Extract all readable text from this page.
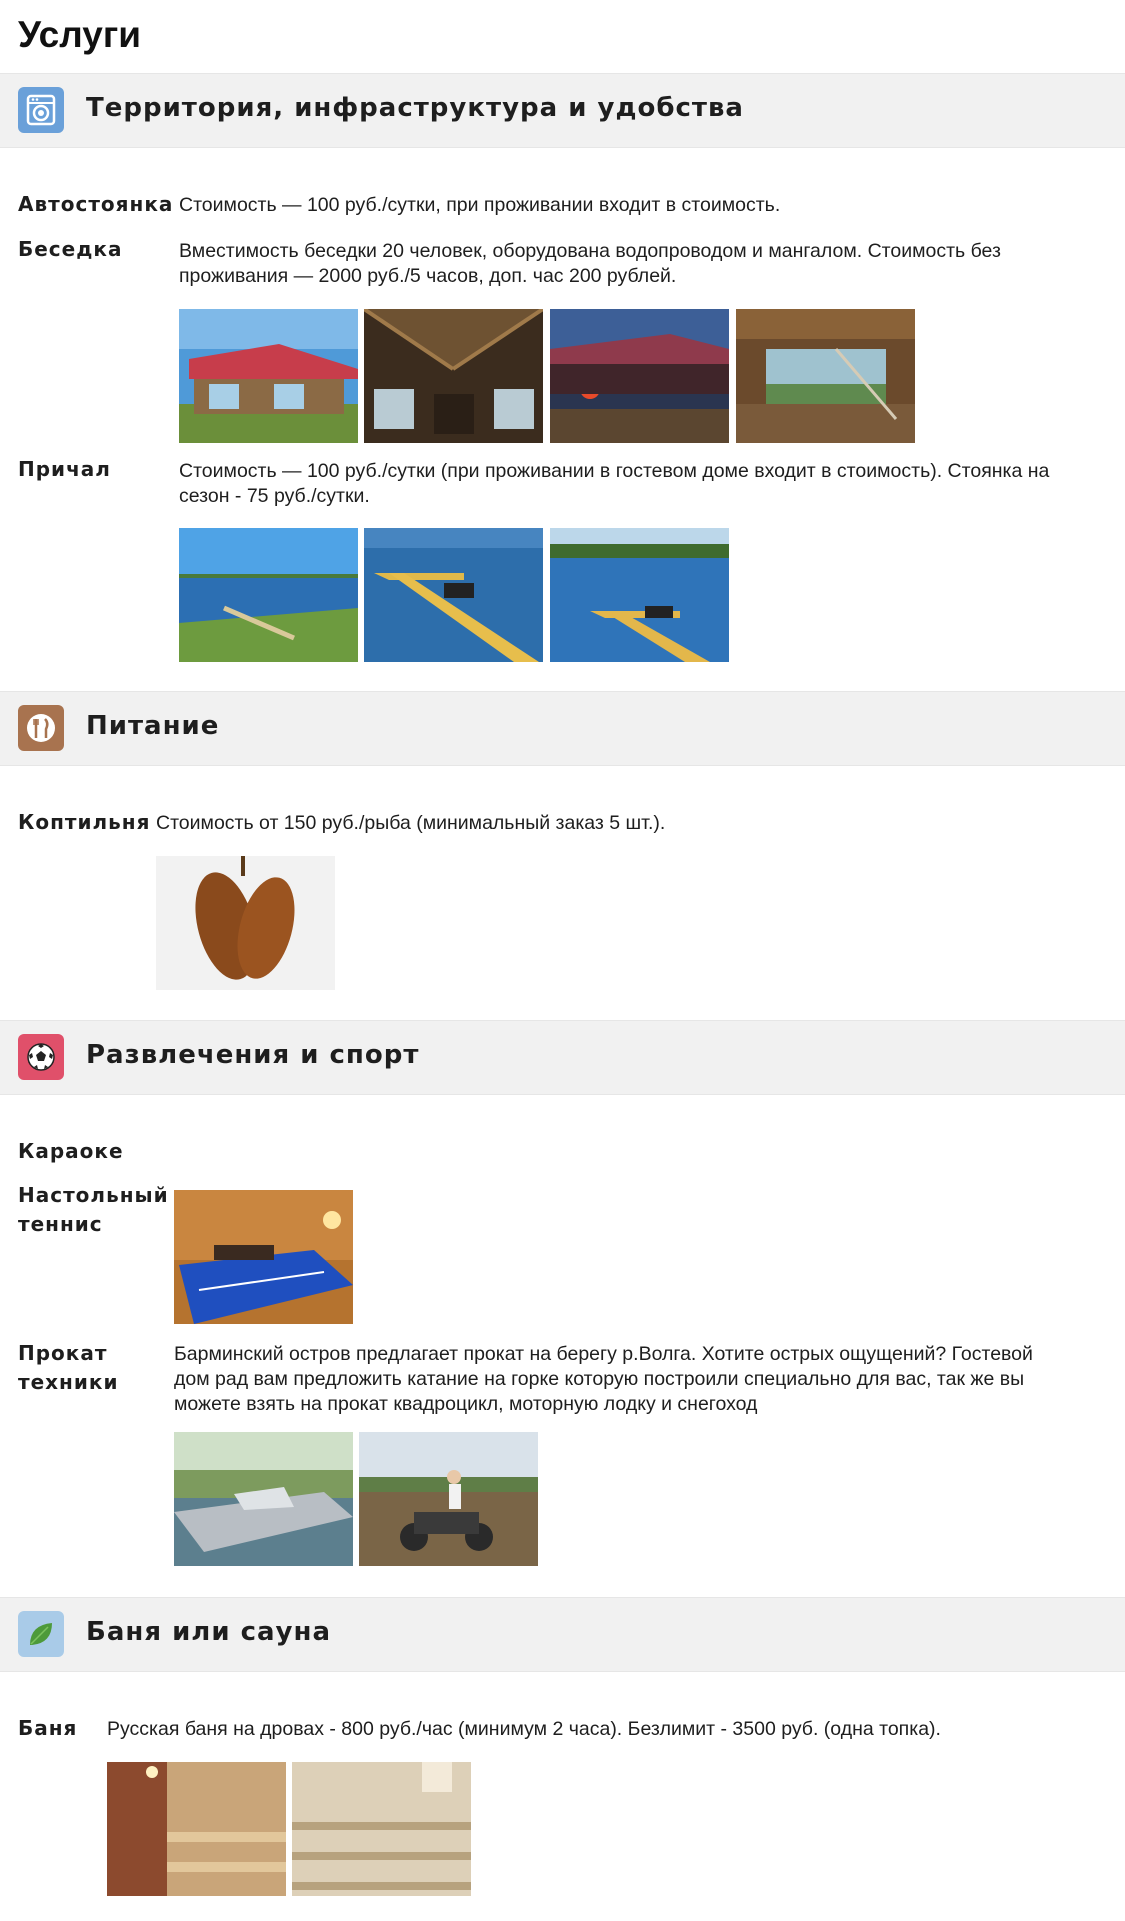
Услуги
Территория, инфраструктура и удобства
Автостоянка Стоимость — 100 руб./сутки, при проживании входит в стоимость.
Беседка	Вместимость беседки 20 человек, оборудована водопроводом и мангалом. Стоимость без проживания — 2000 руб./5 часов, доп. час 200 рублей.
Причал	Стоимость — 100 руб./сутки (при проживании в гостевом доме входит в стоимость). Стоянка на сезон - 75 руб./сутки.
Питание
Коптильня Стоимость от 150 руб./рыба (минимальный заказ 5 шт.).
Развлечения и спорт
Караоке
Настольный теннис
Прокат техники
Барминский остров предлагает прокат на берегу р.Волга. Хотите острых ощущений? Гостевой дом рад вам предложить катание на горке которую построили специально для вас, так же вы можете взять на прокат квадроцикл, моторную лодку и снегоход
Баня или сауна
Баня Русская баня на дровах - 800 руб./час (минимум 2 часа). Безлимит - 3500 руб. (одна топка).
